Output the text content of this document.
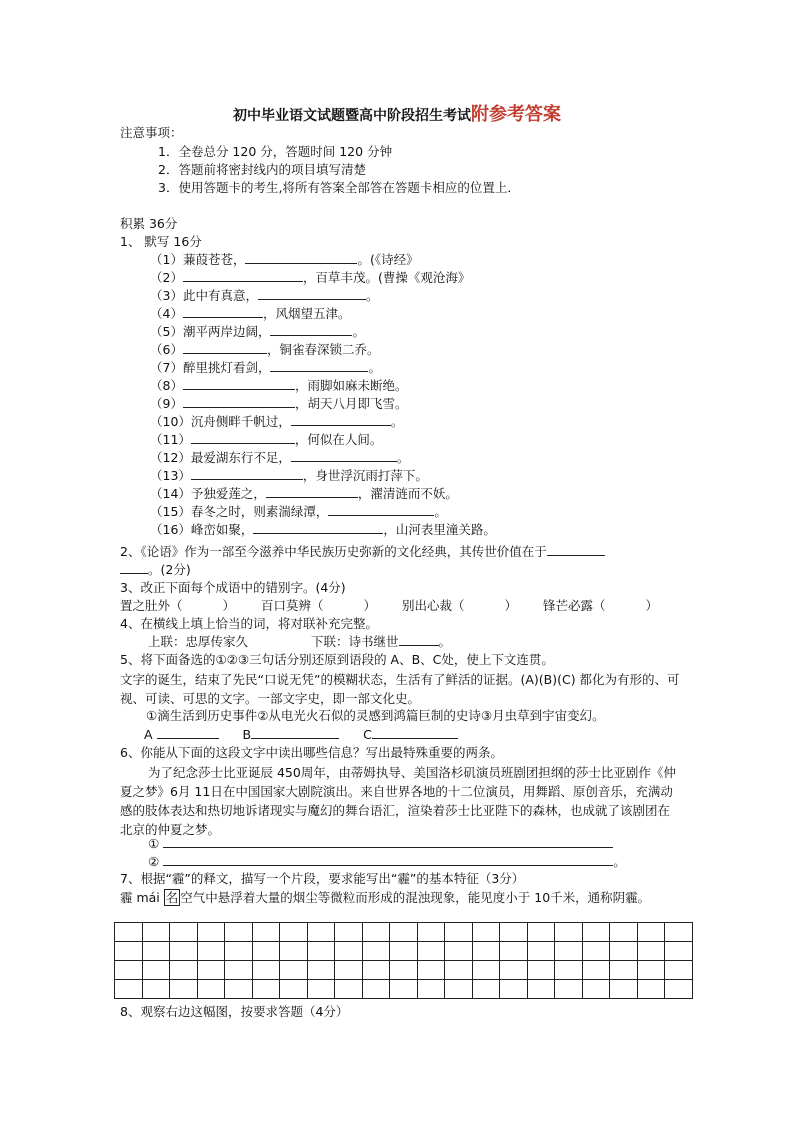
初中毕业语文试题暨高中阶段招生考试附参考答案
注意事项：
1．全卷总分 120 分，答题时间 120 分钟
2．答题前将密封线内的项目填写清楚
3．使用答题卡的考生,将所有答案全部答在答题卡相应的位置上．
积累 36分
1、 默写 16分
（1）蒹葭苍苍，	。(《诗经》
（2）	，百草丰茂。(曹操《观沧海》
（3）此中有真意，	。
（4）	，风烟望五津。
（5）潮平两岸边阔，	。
（6）	，铜雀春深锁二乔。
（7）醉里挑灯看剑，	。
（8）	，雨脚如麻未断绝。
（9）	，胡天八月即飞雪。
（10）沉舟侧畔千帆过，	。
（11）	，何似在人间。
（12）最爱湖东行不足，	。
（13）	，身世浮沉雨打萍下。
（14）予独爱莲之，	，濯清涟而不妖。
（15）春冬之时，则素湍绿潭，	。
（16）峰峦如聚，	，山河表里潼关路。
2、《论语》作为一部至今滋养中华民族历史弥新的文化经典，其传世价值在于
。(2分)
3、改正下面每个成语中的错别字。(4分)
置之肚外（	） 百口莫辨（	） 别出心裁（	） 锋芒必露（	）
4、在横线上填上恰当的词，将对联补充完整。
上联：忠厚传家久	下联：诗书继世	。
5、将下面备选的①②③三句话分别还原到语段的 A、B、C处，使上下文连贯。
文字的诞生，结束了先民“口说无凭”的模糊状态，生活有了鲜活的证据。(A)(B)(C) 都化为有形的、可视、可读、可思的文字。一部文字史，即一部文化史。
①滴生活到历史事件②从电光火石似的灵感到鸿篇巨制的史诗③月虫草到宇宙变幻。
A	B	C
6、你能从下面的这段文字中读出哪些信息？写出最特殊重要的两条。
为了纪念莎士比亚诞辰 450周年，由蒂姆执导、美国洛杉矶演员班剧团担纲的莎士比亚剧作《仲夏之梦》6月 11日在中国国家大剧院演出。来自世界各地的十二位演员，用舞蹈、原创音乐，充满动感的肢体表达和热切地诉诸现实与魔幻的舞台语汇，渲染着莎士比亚陛下的森林，也成就了该剧团在北京的仲夏之梦。
①
②	。
7、根据“霾”的释文，描写一个片段，要求能写出“霾”的基本特征（3分）
霾 mái 名 空气中悬浮着大量的烟尘等微粒而形成的混浊现象，能见度小于 10千米，通称阴霾。

8、观察右边这幅图，按要求答题（4分）
